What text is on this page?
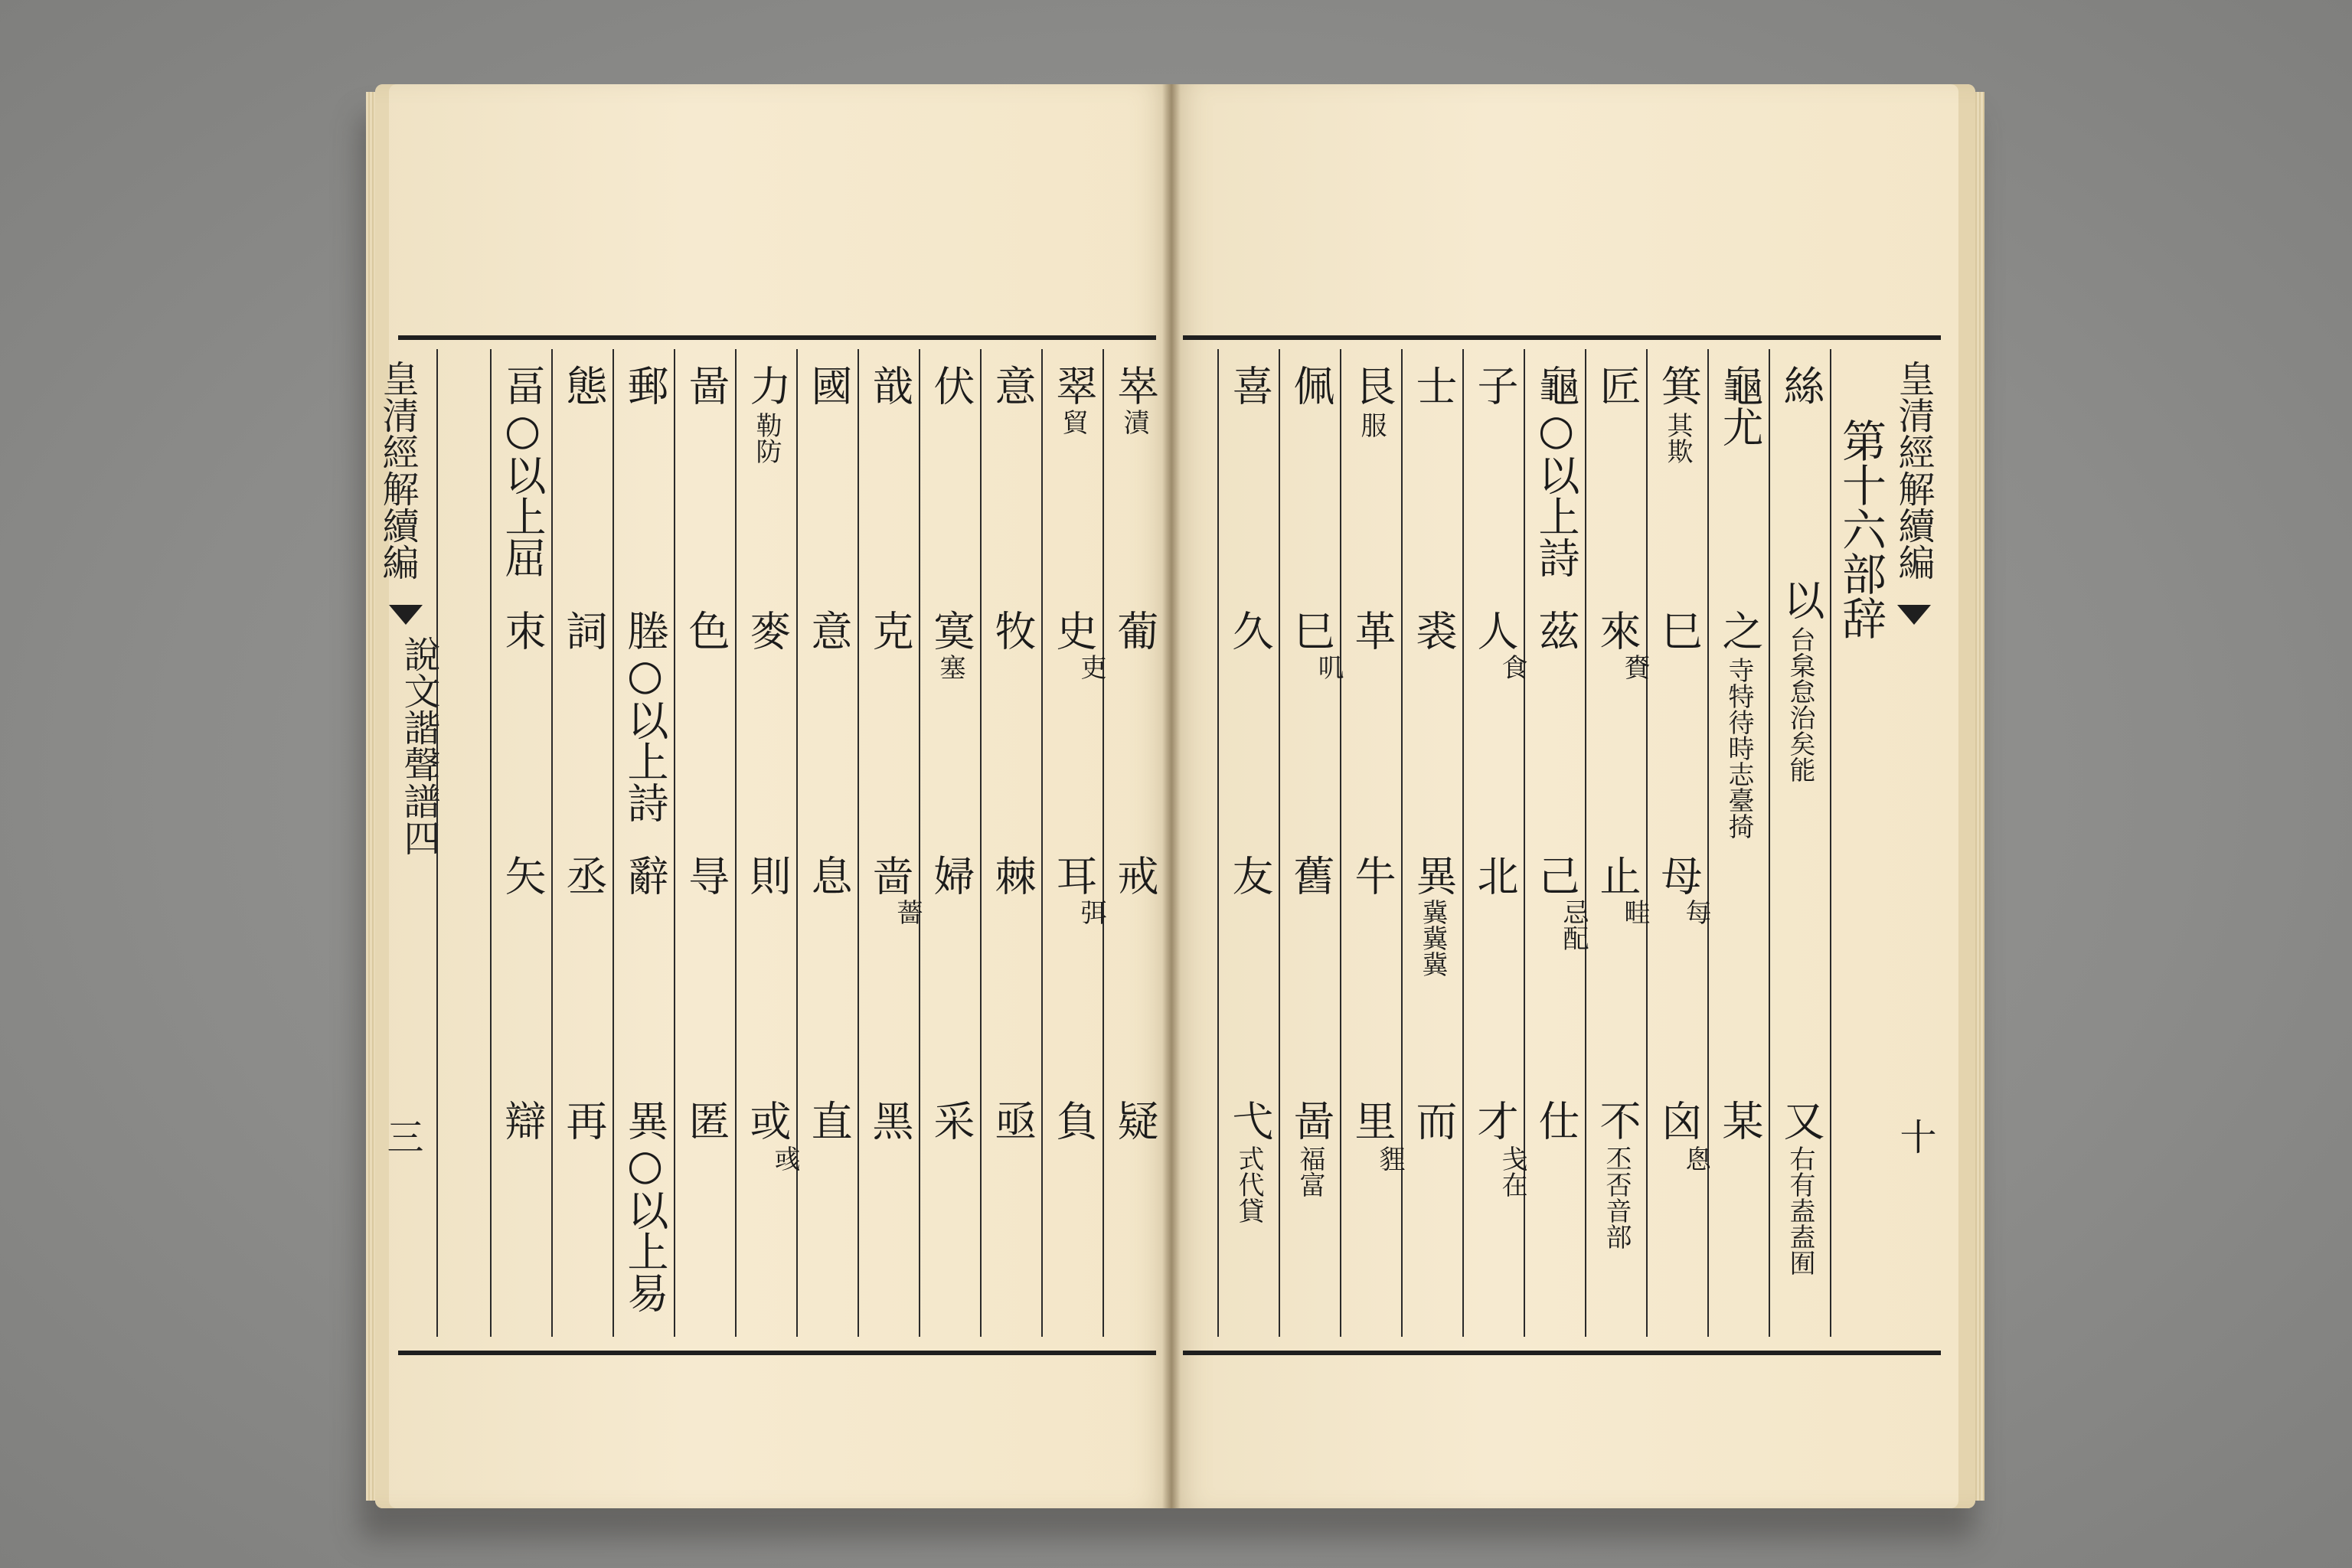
皇清經解續編
說文諧聲譜四
三
皇清經解續編
十
崒
漬
葡
戒
疑
翠
貿
史
吏
耳
弭
負
意
牧
棘
亟
伏
寞
塞
婦
采
戠
克
啬
薔
黑
國
意
息
直
力
勒防
麥
則
或
彧
啚
色
㝵
匿
郵
塍○以上詩
辭
異○以上易
態
詞
丞
再
畐○以上屈
朿
矢
辯
第十六部辞
絲
以
台枲怠治矣能
又
右有盍盍囿
龜尤
之
寺特待時志臺掎
某
箕
其欺
巳
母
每
囟
悤
匠
來
賚
止
畦
不
丕否音部
龜○以上詩
茲
己
忌配
仕
子
人
食
北
才
戋在
士
裘
異
冀冀冀
而
艮
服
革
牛
里
貍
佩
巳
叽
舊
啚
福富
喜
久
友
弋
式代貸
